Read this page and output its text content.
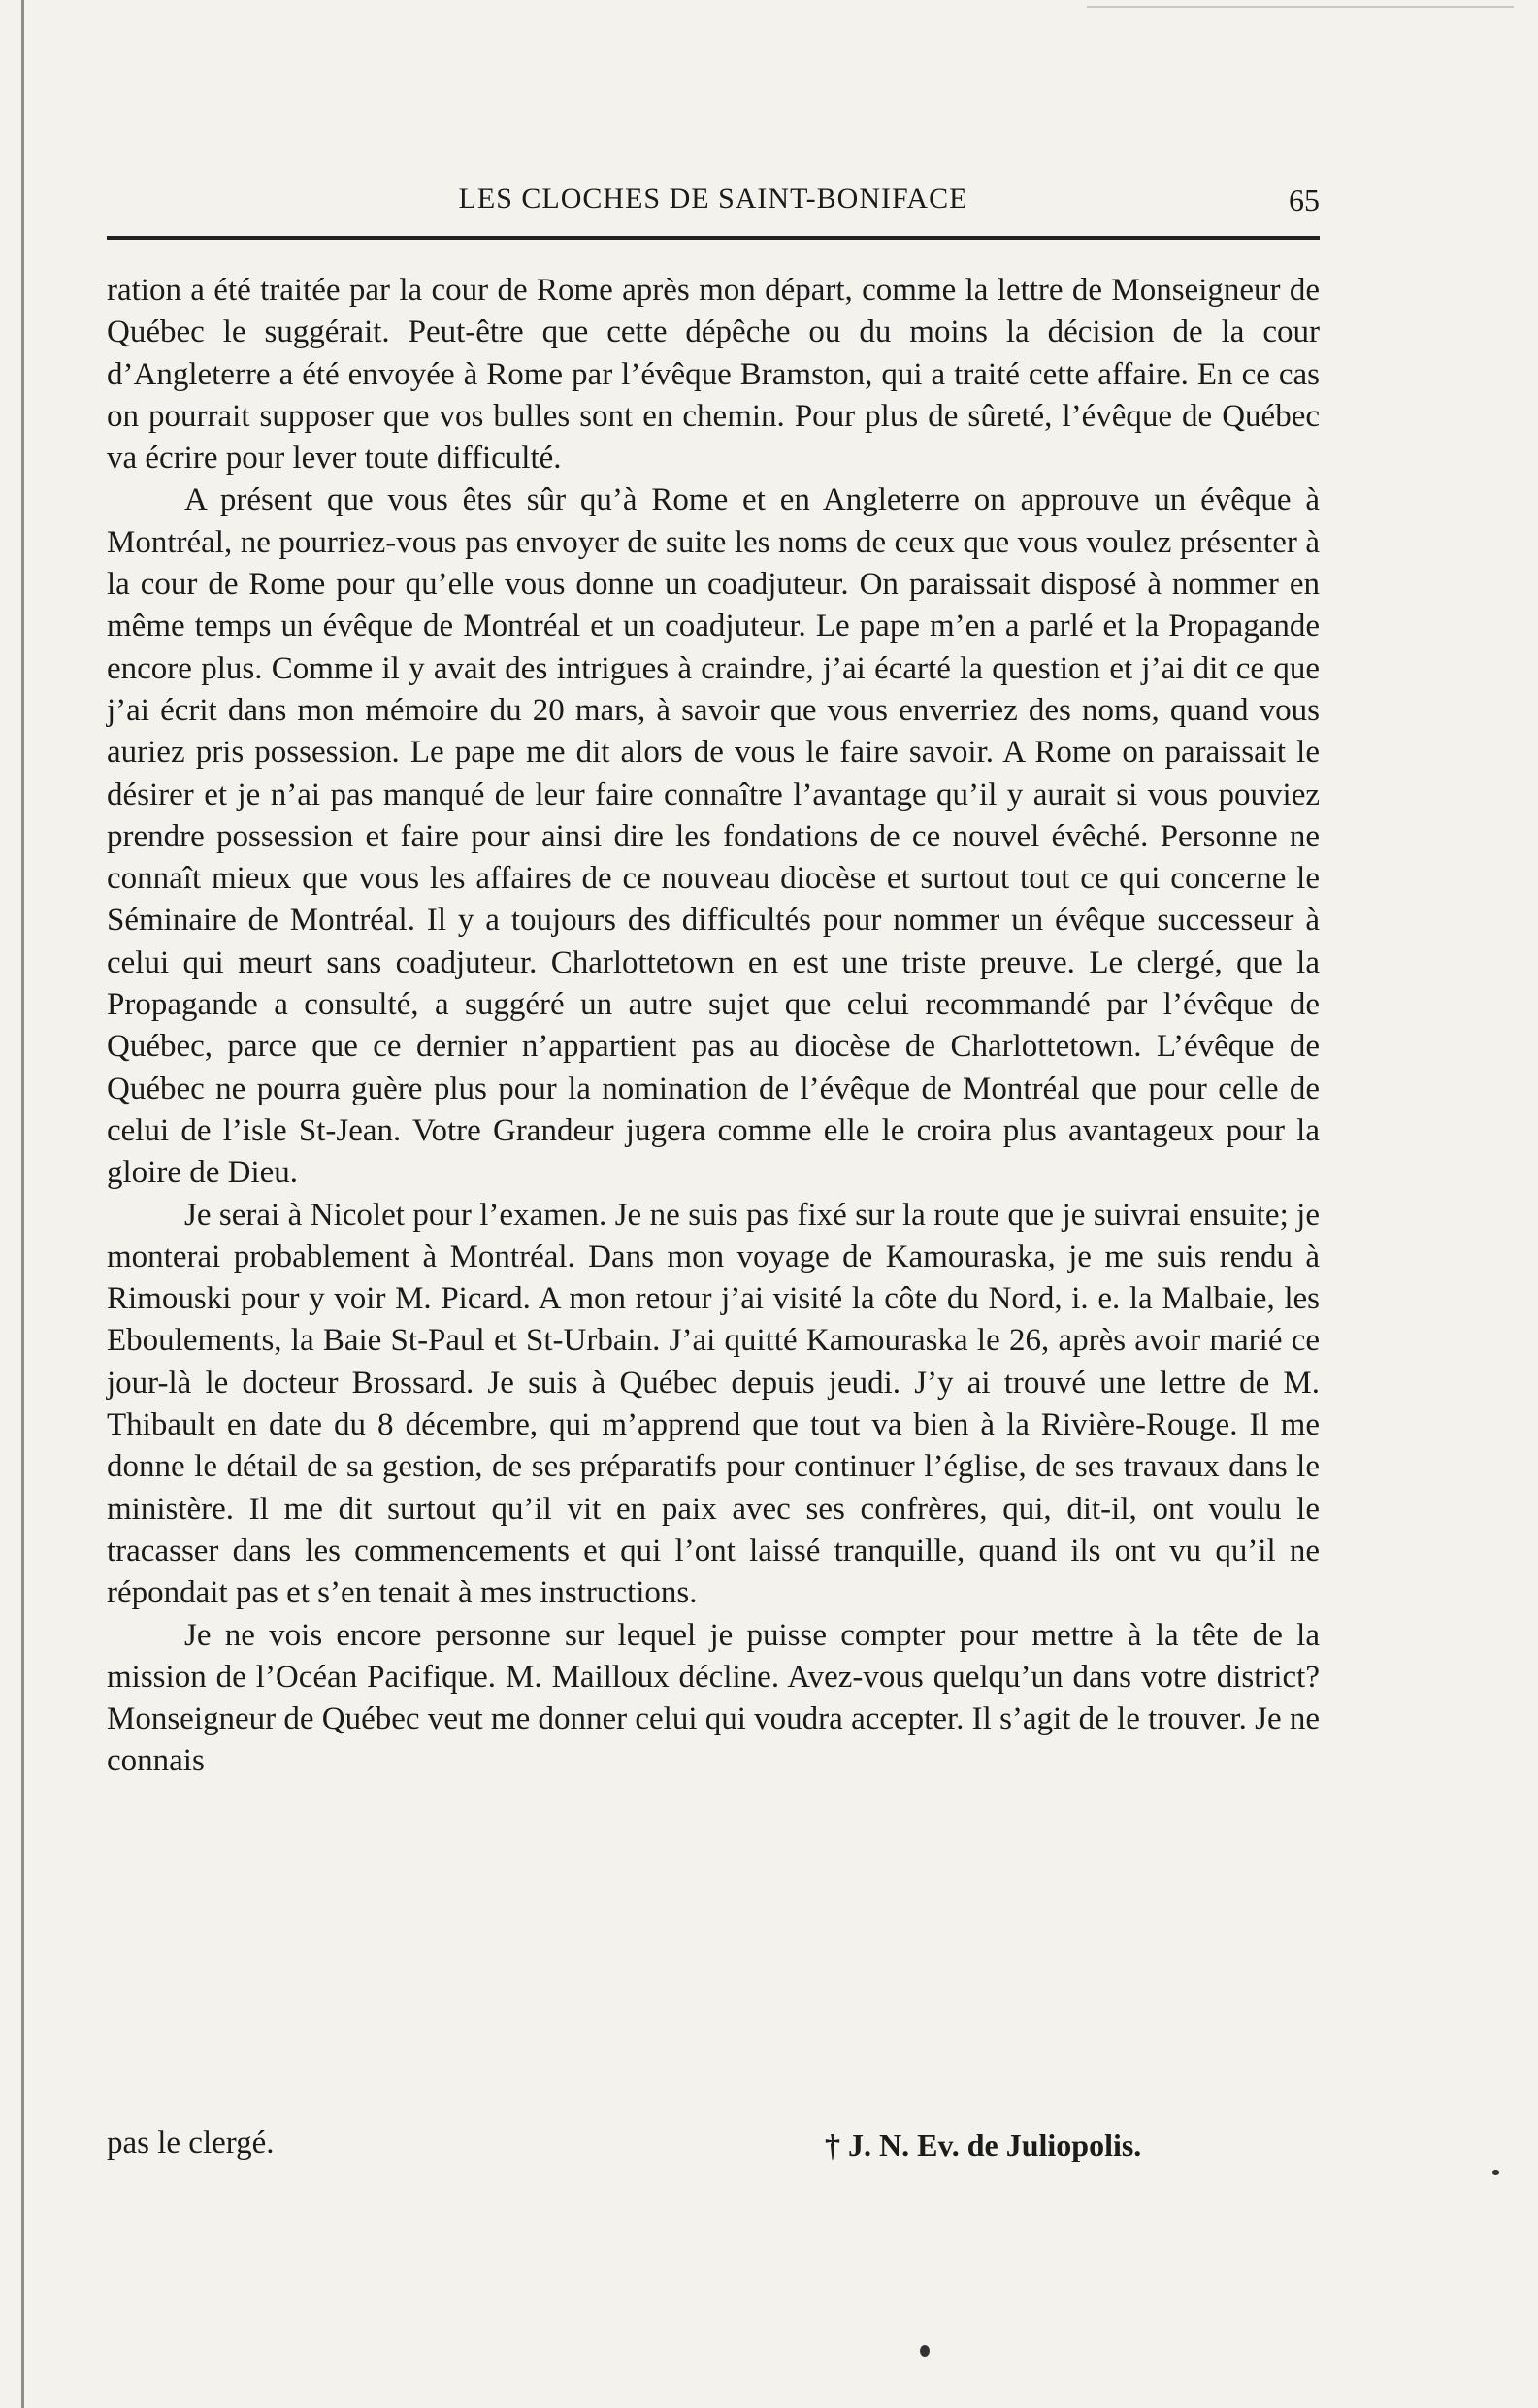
LES CLOCHES DE SAINT-BONIFACE	65

ration a été traitée par la cour de Rome après mon départ, comme la lettre de Monseigneur de Québec le suggérait. Peut-être que cette dépêche ou du moins la décision de la cour d’Angleterre a été envoyée à Rome par l’évêque Bramston, qui a traité cette affaire. En ce cas on pourrait supposer que vos bulles sont en chemin. Pour plus de sûreté, l’évêque de Québec va écrire pour lever toute difficulté.

A présent que vous êtes sûr qu’à Rome et en Angleterre on approuve un évêque à Montréal, ne pourriez-vous pas envoyer de suite les noms de ceux que vous voulez présenter à la cour de Rome pour qu’elle vous donne un coadjuteur. On paraissait disposé à nommer en même temps un évêque de Montréal et un coadjuteur. Le pape m’en a parlé et la Propagande encore plus. Comme il y avait des intrigues à craindre, j’ai écarté la question et j’ai dit ce que j’ai écrit dans mon mémoire du 20 mars, à savoir que vous enverriez des noms, quand vous auriez pris possession. Le pape me dit alors de vous le faire savoir. A Rome on paraissait le désirer et je n’ai pas manqué de leur faire connaître l’avantage qu’il y aurait si vous pouviez prendre possession et faire pour ainsi dire les fondations de ce nouvel évêché. Personne ne connaît mieux que vous les affaires de ce nouveau diocèse et surtout tout ce qui concerne le Séminaire de Montréal. Il y a toujours des difficultés pour nommer un évêque successeur à celui qui meurt sans coadjuteur. Charlottetown en est une triste preuve. Le clergé, que la Propagande a consulté, a suggéré un autre sujet que celui recommandé par l’évêque de Québec, parce que ce dernier n’appartient pas au diocèse de Charlottetown. L’évêque de Québec ne pourra guère plus pour la nomination de l’évêque de Montréal que pour celle de celui de l’isle St-Jean. Votre Grandeur jugera comme elle le croira plus avantageux pour la gloire de Dieu.

Je serai à Nicolet pour l’examen. Je ne suis pas fixé sur la route que je suivrai ensuite; je monterai probablement à Montréal. Dans mon voyage de Kamouraska, je me suis rendu à Rimouski pour y voir M. Picard. A mon retour j’ai visité la côte du Nord, i. e. la Malbaie, les Eboulements, la Baie St-Paul et St-Urbain. J’ai quitté Kamouraska le 26, après avoir marié ce jour-là le docteur Brossard. Je suis à Québec depuis jeudi. J’y ai trouvé une lettre de M. Thibault en date du 8 décembre, qui m’apprend que tout va bien à la Rivière-Rouge. Il me donne le détail de sa gestion, de ses préparatifs pour continuer l’église, de ses travaux dans le ministère. Il me dit surtout qu’il vit en paix avec ses confrères, qui, dit-il, ont voulu le tracasser dans les commencements et qui l’ont laissé tranquille, quand ils ont vu qu’il ne répondait pas et s’en tenait à mes instructions.

Je ne vois encore personne sur lequel je puisse compter pour mettre à la tête de la mission de l’Océan Pacifique. M. Mailloux décline. Avez-vous quelqu’un dans votre district? Monseigneur de Québec veut me donner celui qui voudra accepter. Il s’agit de le trouver. Je ne connais

pas le clergé.	† J. N. Ev. de Juliopolis.
